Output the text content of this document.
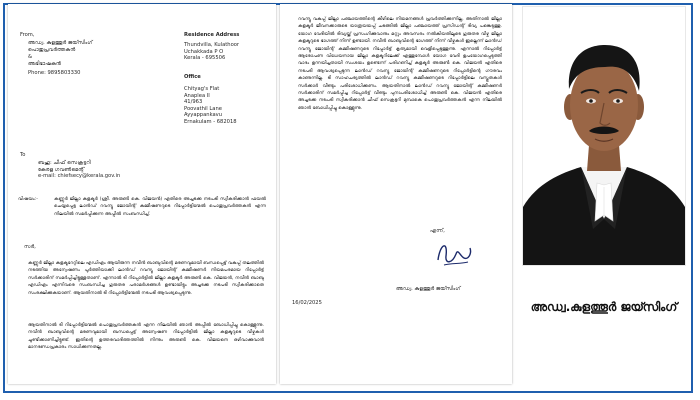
From,

അഡ്വ. കുളത്തൂർ ജയ്സിംഗ്

പൊതുപ്രവർത്തകൻ

&

അഭിഭാഷകൻ

Phone: 9895803330

Residence Address

Thundvilla, Kulathoor
Uchakkada P O
Kerala - 695506

Office

Chityag's Flat
Anaplea II
41/963
Poovathil Lane
Ayyappankavu
Ernakulam - 682018

To

ബഹു: ചീഫ് സെക്രട്ടറി
കേരള ഗവൺമെന്റ്
e-mail: chiefsecy@kerala.gov.in

വിഷയം:-	കണ്ണൂർ ജില്ലാ കളക്ടർ (ശ്രീ. അരുൺ കെ. വിജയൻ) എതിരെ അച്ചടക്ക നടപടി സ്വീകരിക്കാൻ ഫയൽ ചെയ്യപ്പെട്ട ലാൻഡ് റവന്യൂ ജോയിന്റ് കമ്മീഷണറുടെ റിപ്പോർട്ടിന്മേൽ പൊതുപ്രവർത്തകൻ എന്ന നിലയിൽ സമർപ്പിക്കുന്ന അപ്പീൽ സംബന്ധിച്ച്.

സർ,

കണ്ണൂർ ജില്ലാ കളക്ടറേറ്റിലെ എഡിഎം ആയിരുന്ന നവീൻ ബാബുവിന്റെ മരണവുമായി ബന്ധപ്പെട്ട് വകുപ്പ് തലത്തിൽ നടത്തിയ അന്വേഷണം പൂർത്തിയാക്കി ലാൻഡ് റവന്യൂ ജോയിന്റ് കമ്മീഷണർ നിയമപരമായ റിപ്പോർട്ട് സർക്കാരിന് സമർപ്പിച്ചിട്ടുള്ളതാണ്. എന്നാൽ ടി റിപ്പോർട്ടിൽ ജില്ലാ കളക്ടർ അരുൺ കെ. വിജയൻ, നവീൻ ബാബു എഡിഎം എന്നിവരെ സംബന്ധിച്ച ഗുരുതര പരാമർശങ്ങൾ ഉണ്ടായിട്ടും അച്ചടക്ക നടപടി സ്വീകരിക്കാതെ സംരക്ഷിക്കുകയാണ്. ആയതിനാൽ ടി റിപ്പോർട്ടിന്മേൽ നടപടി ആവശ്യപ്പെടുന്നു.

ആയതിനാൽ ടി റിപ്പോർട്ടിന്മേൽ പൊതുപ്രവർത്തകൻ എന്ന നിലയിൽ ഞാൻ അപ്പീൽ ബോധിപ്പിച്ചു കൊള്ളുന്നു. നവീൻ ബാബുവിന്റെ മരണവുമായി ബന്ധപ്പെട്ട് അന്വേഷണ റിപ്പോർട്ടിൽ ജില്ലാ കളക്ടറുടെ വീഴ്ചകൾ ചൂണ്ടിക്കാണിച്ചിട്ടുണ്ട്. ഇതിന്റെ ഉത്തരവാദിത്തത്തിൽ നിന്നും അരുൺ കെ. വിജയനെ ഒഴിവാക്കുവാൻ മാനദണ്ഡപ്രകാരം സാധിക്കുന്നതല്ല.

റവന്യൂ വകുപ്പ് ജില്ലാ പഞ്ചായത്തിന്റെ കീഴിലെ നിയമനങ്ങൾ പ്രവർത്തിക്കുന്നില്ല. അതിനാൽ ജില്ലാ കളക്ടർ ജീവനക്കാരുടെ യാത്രയയപ്പ് ചടങ്ങിൽ ജില്ലാ പഞ്ചായത്ത് പ്രസിഡന്റ് ദിവ്യ പങ്കെടുത്തു. യോഗ വേദിയിൽ ദിവ്യയ്ക്ക് പ്രസംഗിക്കുവാനും മറ്റും അവസരം നൽകിയതിലൂടെ ഗുരുതര വീഴ്ച ജില്ലാ കളക്ടറുടെ ഭാഗത്ത് നിന്ന് ഉണ്ടായി. നവീൻ ബാബുവിന്റെ ഭാഗത്ത് നിന്ന് വീഴ്ചകൾ ഇല്ലെന്ന് ലാൻഡ് റവന്യൂ ജോയിന്റ് കമ്മീഷണറുടെ റിപ്പോർട്ട് കൃത്യമായി വെളിപ്പെടുത്തുന്നു. എന്നാൽ റിപ്പോർട്ട് ആരോപണ വിധേയനായ ജില്ലാ കളക്ടറിലേക്ക് എത്തുമ്പോൾ യോഗ വേദി ഉപയോഗപ്പെടുത്തി വാദം ഉന്നയിച്ചതായി സംശയം ഉണ്ടെന്ന് പരിഗണിച്ച് കളക്ടർ അരുൺ കെ. വിജയൻ എതിരെ നടപടി ആവശ്യപ്പെടുന്ന ലാൻഡ് റവന്യൂ ജോയിന്റ് കമ്മീഷണറുടെ റിപ്പോർട്ടിന്റെ ഗൗരവം കാണുന്നില്ല. ടി സാഹചര്യത്തിൽ ലാൻഡ് റവന്യൂ കമ്മീഷണറുടെ റിപ്പോർട്ടിലെ വസ്തുതകൾ സർക്കാർ വീണ്ടും പരിശോധിക്കണം. ആയതിനാൽ ലാൻഡ് റവന്യൂ ജോയിന്റ് കമ്മീഷണർ സർക്കാരിന് സമർപ്പിച്ച റിപ്പോർട്ട് വീണ്ടും പുനഃപരിശോധിച്ച് അരുൺ കെ. വിജയൻ എതിരെ അച്ചടക്ക നടപടി സ്വീകരിക്കാൻ ചീഫ് സെക്രട്ടറി മുമ്പാകെ പൊതുപ്രവർത്തകൻ എന്ന നിലയിൽ ഞാൻ ബോധിപ്പിച്ചു കൊള്ളുന്നു.

എന്ന്,

അഡ്വ. കുളത്തൂർ ജയ്സിംഗ്

16/02/2025	അഡ്വ.കുളത്തൂർ ജയ്സിംഗ്
